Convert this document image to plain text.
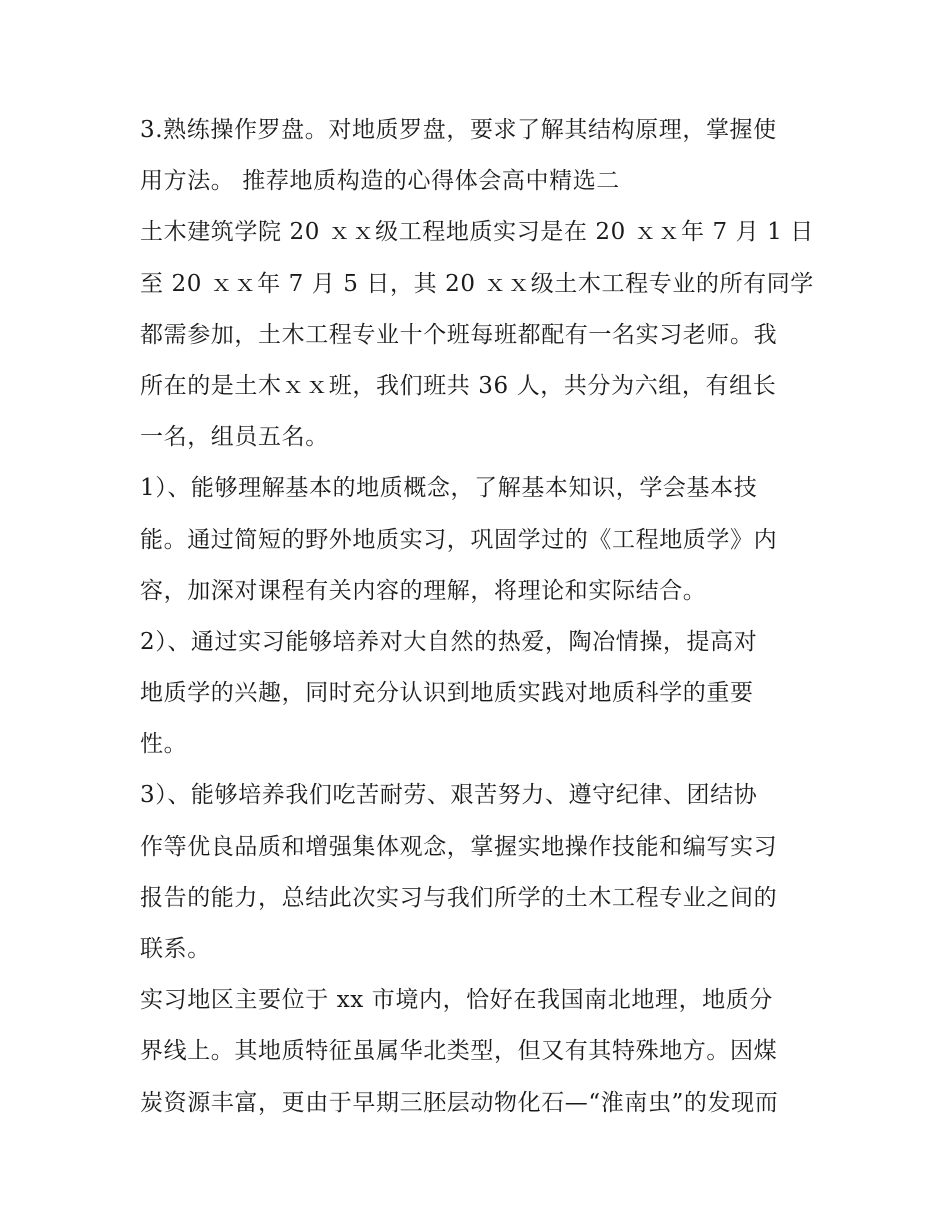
3.熟练操作罗盘。对地质罗盘，要求了解其结构原理，掌握使
用方法。 推荐地质构造的心得体会高中精选二
土木建筑学院 20 ｘｘ级工程地质实习是在 20 ｘｘ年 7 月 1 日
至 20 ｘｘ年 7 月 5 日，其 20 ｘｘ级土木工程专业的所有同学
都需参加，土木工程专业十个班每班都配有一名实习老师。我
所在的是土木ｘｘ班，我们班共 36 人，共分为六组，有组长
一名，组员五名。
1）、能够理解基本的地质概念，了解基本知识，学会基本技
能。通过简短的野外地质实习，巩固学过的《工程地质学》内
容，加深对课程有关内容的理解，将理论和实际结合。
2）、通过实习能够培养对大自然的热爱，陶冶情操，提高对
地质学的兴趣，同时充分认识到地质实践对地质科学的重要
性。
3）、能够培养我们吃苦耐劳、艰苦努力、遵守纪律、团结协
作等优良品质和增强集体观念，掌握实地操作技能和编写实习
报告的能力，总结此次实习与我们所学的土木工程专业之间的
联系。
实习地区主要位于 xx 市境内，恰好在我国南北地理，地质分
界线上。其地质特征虽属华北类型，但又有其特殊地方。因煤
炭资源丰富，更由于早期三胚层动物化石—“淮南虫”的发现而
